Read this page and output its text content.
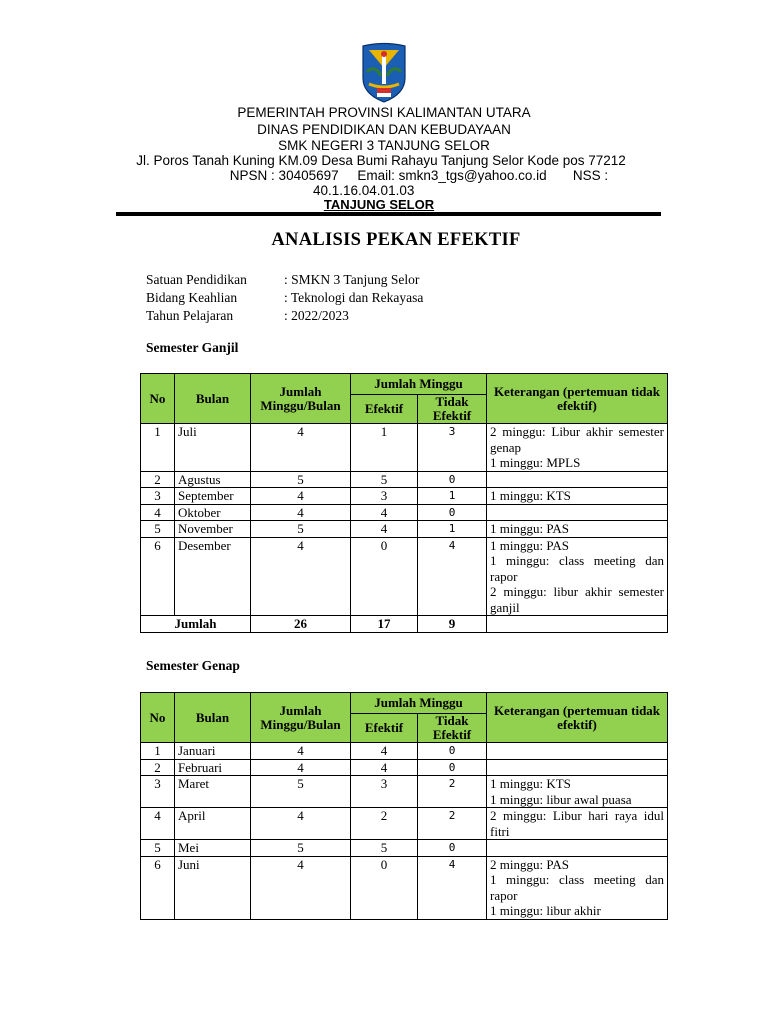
PEMERINTAH PROVINSI KALIMANTAN UTARA
DINAS PENDIDIKAN DAN KEBUDAYAAN
SMK NEGERI 3 TANJUNG SELOR
Jl. Poros Tanah Kuning KM.09 Desa Bumi Rahayu Tanjung Selor Kode pos 77212
NPSN : 30405697     Email: smkn3_tgs@yahoo.co.id       NSS :
40.1.16.04.01.03
TANJUNG SELOR
ANALISIS PEKAN EFEKTIF
Satuan Pendidikan	: SMKN 3 Tanjung Selor
Bidang Keahlian	: Teknologi dan Rekayasa
Tahun Pelajaran	: 2022/2023
Semester Ganjil
No	Bulan	Jumlah Minggu/Bulan	Jumlah Minggu		Keterangan (pertemuan tidak efektif)
			Efektif	Tidak Efektif	
1	Juli	4	1	3	2 minggu: Libur akhir semester genap
1 minggu: MPLS

2	Agustus	5	5	0	
3	September	4	3	1	1 minggu: KTS

4	Oktober	4	4	0	
5	November	5	4	1	1 minggu: PAS

6	Desember	4	0	4	1 minggu: PAS
1 minggu: class meeting dan rapor
2 minggu: libur akhir semester ganjil

Jumlah		26	17	9	
Semester Genap
No	Bulan	Jumlah Minggu/Bulan	Jumlah Minggu		Keterangan (pertemuan tidak efektif)
			Efektif	Tidak Efektif	
1	Januari	4	4	0	
2	Februari	4	4	0	
3	Maret	5	3	2	1 minggu: KTS
1 minggu: libur awal puasa

4	April	4	2	2	2 minggu: Libur hari raya idul fitri

5	Mei	5	5	0	
6	Juni	4	0	4	2 minggu: PAS
1 minggu: class meeting dan rapor
1 minggu: libur akhir
